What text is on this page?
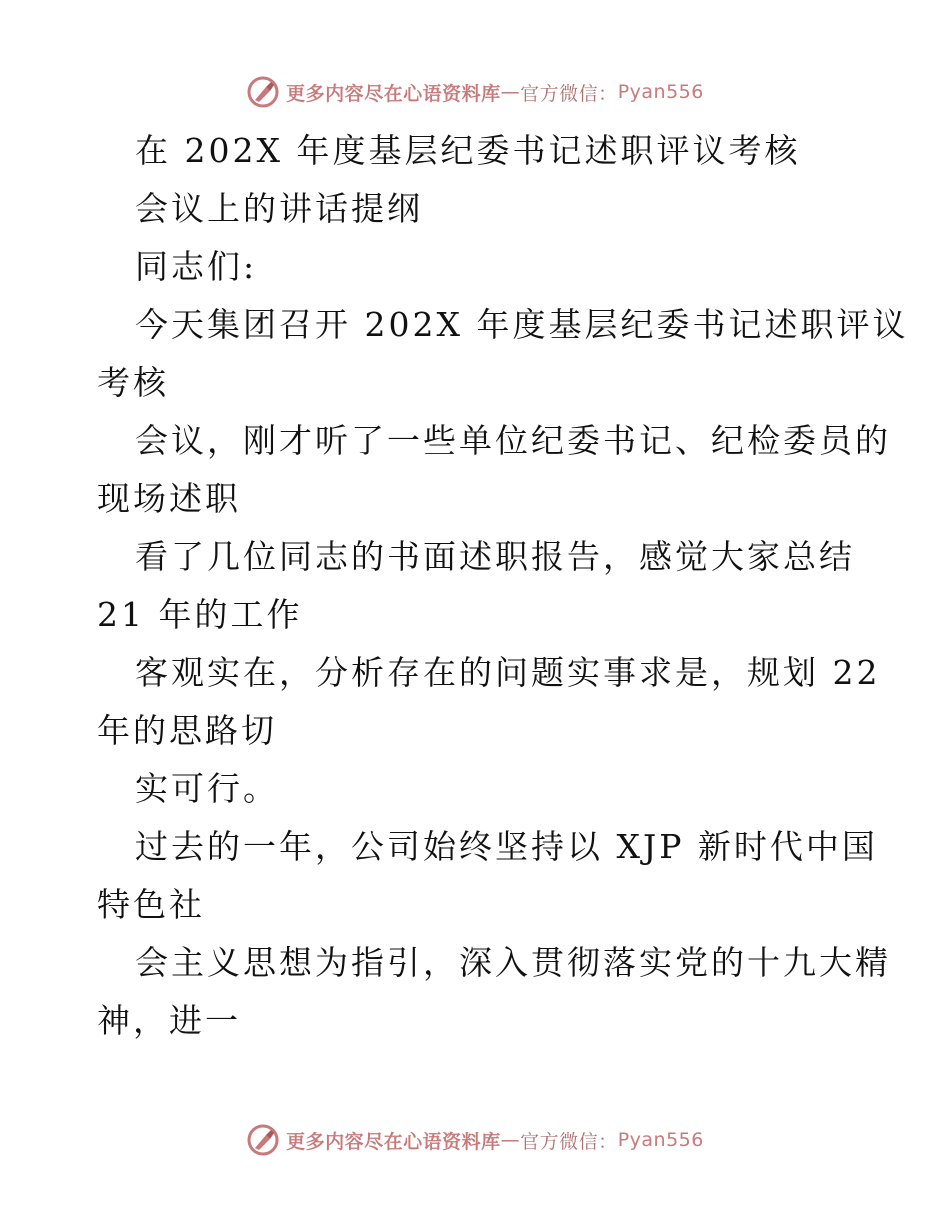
更多内容尽在心语资料库 — 官方微信： Pyan556
在 202X 年度基层纪委书记述职评议考核
会议上的讲话提纲
同志们:
今天集团召开 202X 年度基层纪委书记述职评议
考核
会议，刚才听了一些单位纪委书记、纪检委员的
现场述职
看了几位同志的书面述职报告，感觉大家总结
21 年的工作
客观实在，分析存在的问题实事求是，规划 22
年的思路切
实可行。
过去的一年，公司始终坚持以 XJP 新时代中国
特色社
会主义思想为指引，深入贯彻落实党的十九大精
神，进一
更多内容尽在心语资料库 — 官方微信： Pyan556
